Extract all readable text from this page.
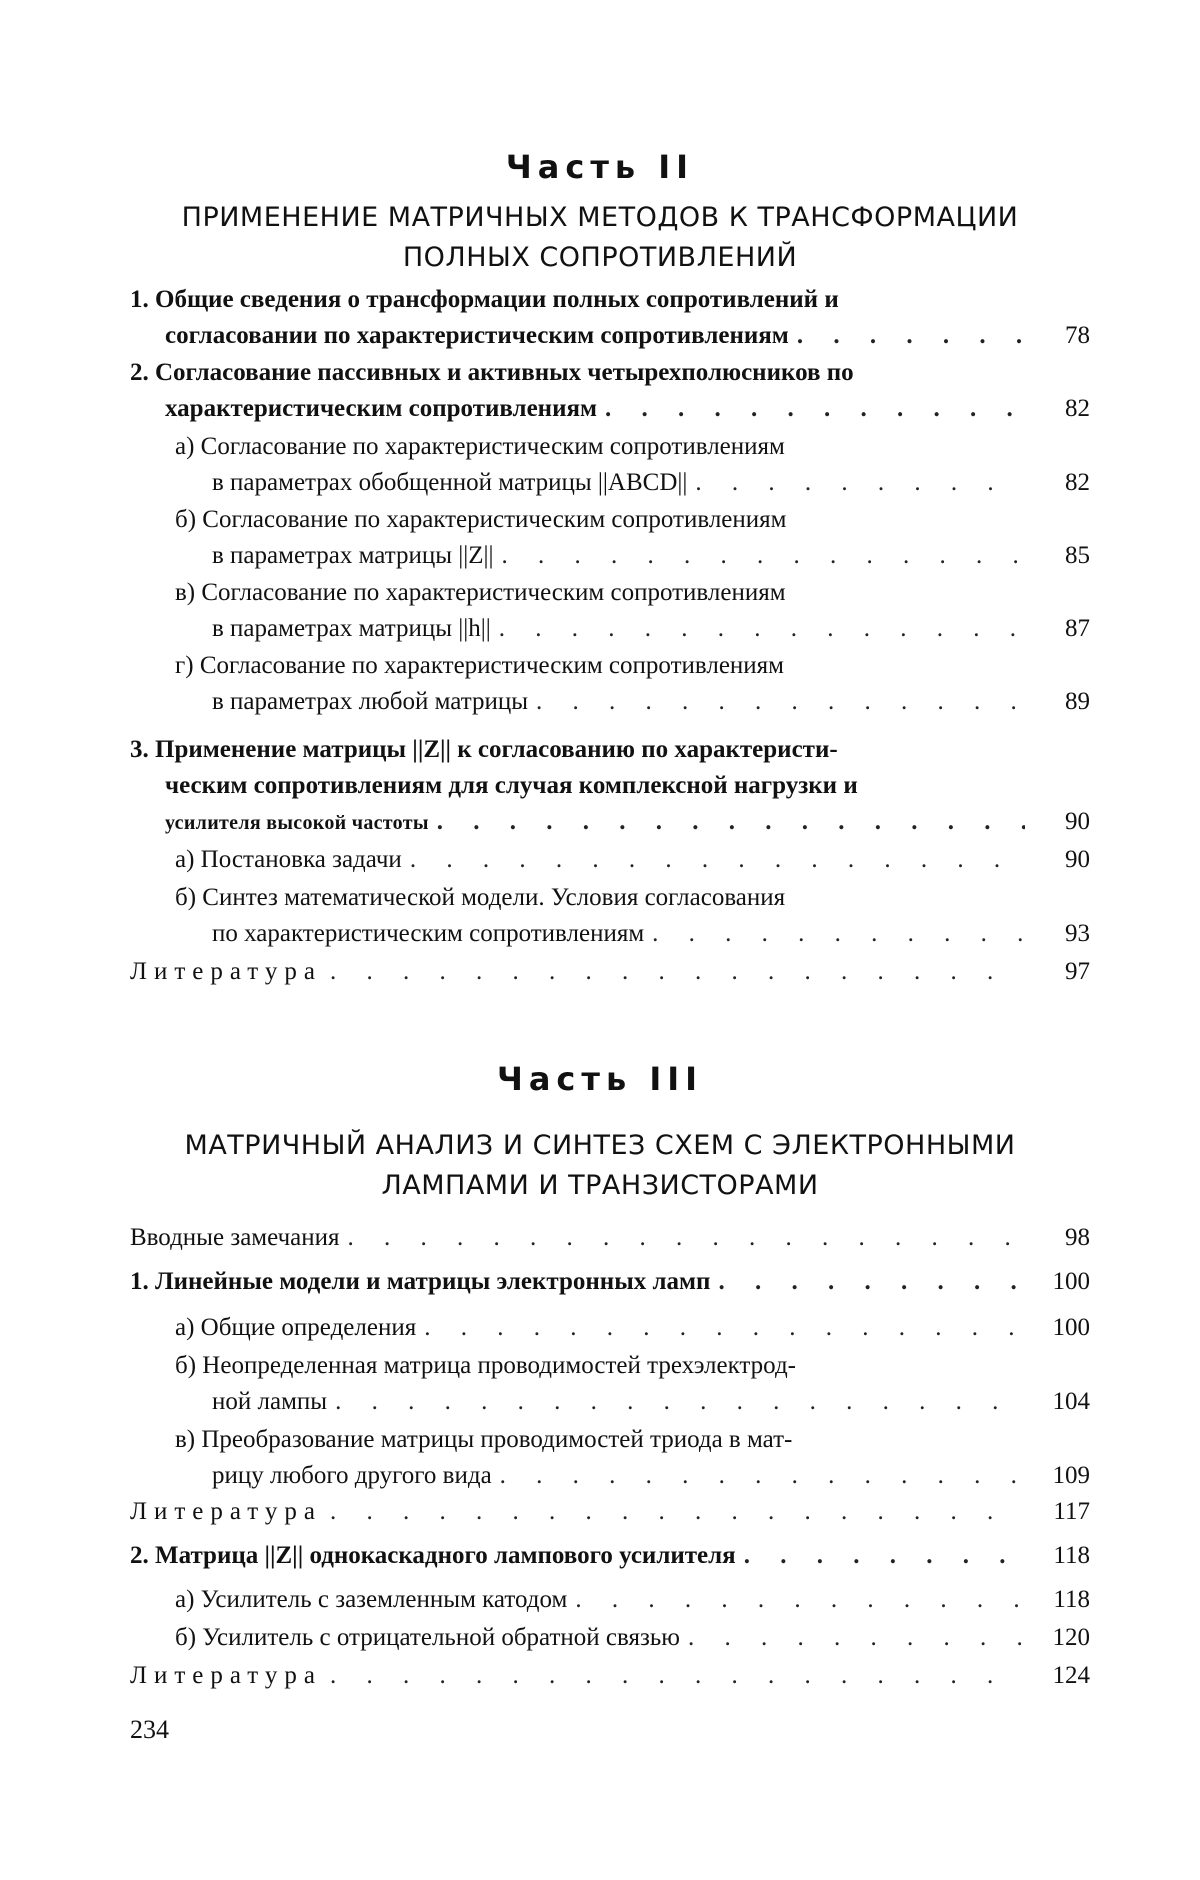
Часть II
ПРИМЕНЕНИЕ МАТРИЧНЫХ МЕТОДОВ К ТРАНСФОРМАЦИИ
ПОЛНЫХ СОПРОТИВЛЕНИЙ
1. Общие сведения о трансформации полных сопротивлений и
согласовании по характеристическим сопротивлениям
. . .	78
2. Согласование пассивных и активных четырехполюсников по
характеристическим сопротивлениям
. . .	82
а) Согласование по характеристическим сопротивлениям
в параметрах обобщенной матрицы ||ABCD||
. . .	82
б) Согласование по характеристическим сопротивлениям
в параметрах матрицы ||Z||
. . .	85
в) Согласование по характеристическим сопротивлениям
в параметрах матрицы ||h||
. . .	87
г) Согласование по характеристическим сопротивлениям
в параметрах любой матрицы
. . .	89
3. Применение матрицы ||Z|| к согласованию по характеристи-
ческим сопротивлениям для случая комплексной нагрузки и
усилителя высокой частоты
. . .	90
а) Постановка задачи
. . .	90
б) Синтез математической модели. Условия согласования
по характеристическим сопротивлениям
. . .	93
Литература
. . .	97
Часть III
МАТРИЧНЫЙ АНАЛИЗ И СИНТЕЗ СХЕМ С ЭЛЕКТРОННЫМИ
ЛАМПАМИ И ТРАНЗИСТОРАМИ
Вводные замечания
. . .	98
1. Линейные модели и матрицы электронных ламп
. . .	100
а) Общие определения
. . .	100
б) Неопределенная матрица проводимостей трехэлектрод-
ной лампы
. . .	104
в) Преобразование матрицы проводимостей триода в мат-
рицу любого другого вида
. . .	109
Литература
. . .	117
2. Матрица ||Z|| однокаскадного лампового усилителя
. . .	118
а) Усилитель с заземленным катодом
. . .	118
б) Усилитель с отрицательной обратной связью
. . .	120
Литература
. . .	124
234
